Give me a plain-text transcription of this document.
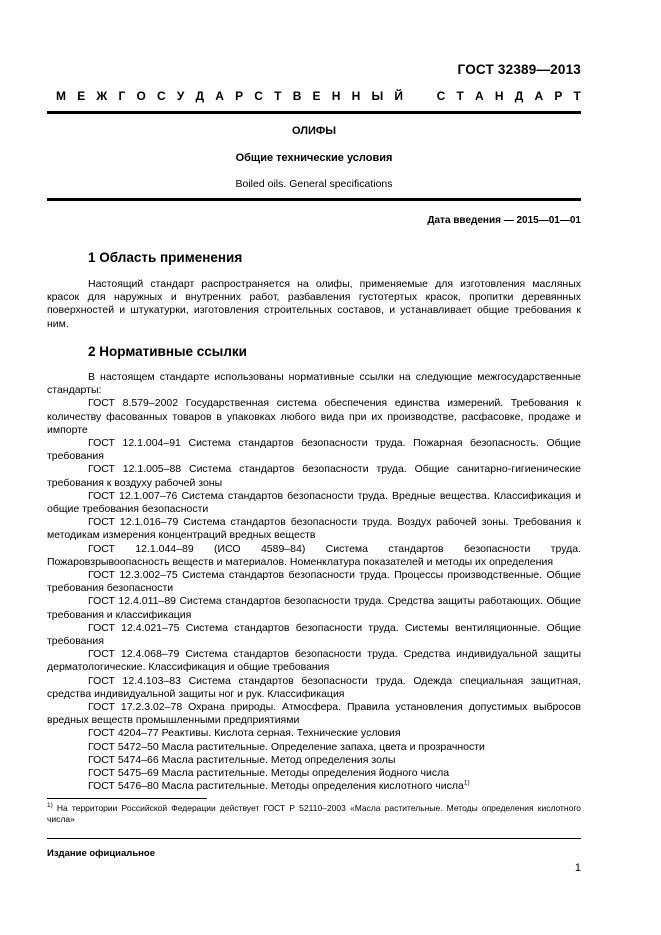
ГОСТ 32389—2013
М Е Ж Г О С У Д А Р С Т В Е Н Н Ы Й	С Т А Н Д А Р Т
ОЛИФЫ
Общие технические условия
Boiled oils. General specifications
Дата введения — 2015—01—01
1 Область применения

Настоящий стандарт распространяется на олифы, применяемые для изготовления масляных красок для наружных и внутренних работ, разбавления густотертых красок, пропитки деревянных поверхностей и штукатурки, изготовления строительных составов, и устанавливает общие требования к ним.

2 Нормативные ссылки

В настоящем стандарте использованы нормативные ссылки на следующие межгосударственные стандарты:

ГОСТ 8.579–2002 Государственная система обеспечения единства измерений. Требования к количеству фасованных товаров в упаковках любого вида при их производстве, расфасовке, продаже и импорте

ГОСТ 12.1.004–91 Система стандартов безопасности труда. Пожарная безопасность. Общие требования

ГОСТ 12.1.005–88 Система стандартов безопасности труда. Общие санитарно-гигиенические требования к воздуху рабочей зоны

ГОСТ 12.1.007–76 Система стандартов безопасности труда. Вредные вещества. Классификация и общие требования безопасности

ГОСТ 12.1.016–79 Система стандартов безопасности труда. Воздух рабочей зоны. Требования к методикам измерения концентраций вредных веществ

ГОСТ 12.1.044–89 (ИСО 4589–84) Система стандартов безопасности труда. Пожаровзрывоопасность веществ и материалов. Номенклатура показателей и методы их определения

ГОСТ 12.3.002–75 Система стандартов безопасности труда. Процессы производственные. Общие требования безопасности

ГОСТ 12.4.011–89 Система стандартов безопасности труда. Средства защиты работающих. Общие требования и классификация

ГОСТ 12.4.021–75 Система стандартов безопасности труда. Системы вентиляционные. Общие требования

ГОСТ 12.4.068–79 Система стандартов безопасности труда. Средства индивидуальной защиты дерматологические. Классификация и общие требования

ГОСТ 12.4.103–83 Система стандартов безопасности труда. Одежда специальная защитная, средства индивидуальной защиты ног и рук. Классификация

ГОСТ 17.2.3.02–78 Охрана природы. Атмосфера. Правила установления допустимых выбросов вредных веществ промышленными предприятиями

ГОСТ 4204–77 Реактивы. Кислота серная. Технические условия

ГОСТ 5472–50 Масла растительные. Определение запаха, цвета и прозрачности

ГОСТ 5474–66 Масла растительные. Метод определения золы

ГОСТ 5475–69 Масла растительные. Методы определения йодного числа

ГОСТ 5476–80 Масла растительные. Методы определения кислотного числа$^{1)}$

$^{1)}$ На территории Российской Федерации действует ГОСТ Р 52110–2003 «Масла растительные. Методы определения кислотного числа»
Издание официальное
1
